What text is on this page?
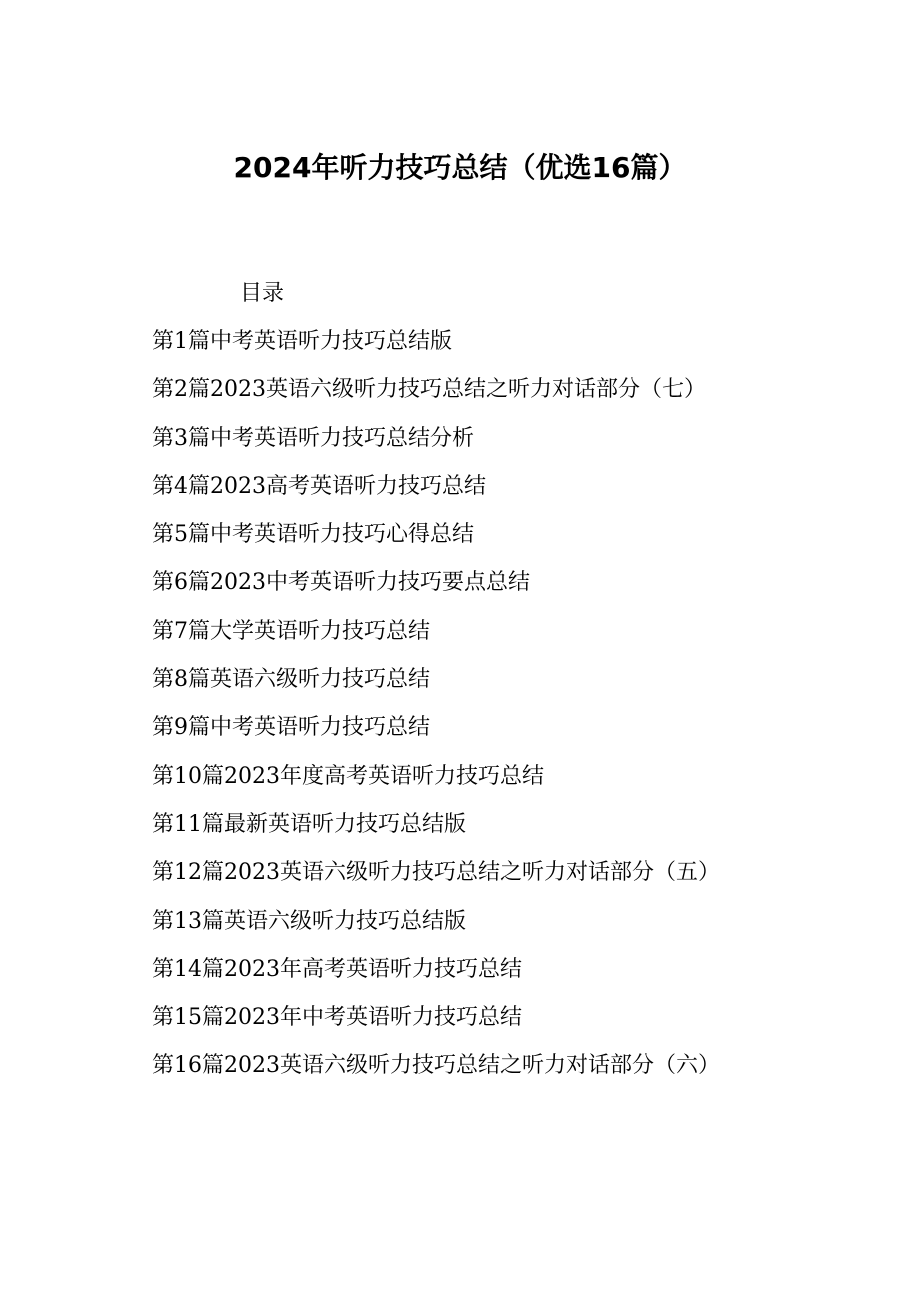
2024年听力技巧总结（优选16篇）
目录
第1篇中考英语听力技巧总结版
第2篇2023英语六级听力技巧总结之听力对话部分（七）
第3篇中考英语听力技巧总结分析
第4篇2023高考英语听力技巧总结
第5篇中考英语听力技巧心得总结
第6篇2023中考英语听力技巧要点总结
第7篇大学英语听力技巧总结
第8篇英语六级听力技巧总结
第9篇中考英语听力技巧总结
第10篇2023年度高考英语听力技巧总结
第11篇最新英语听力技巧总结版
第12篇2023英语六级听力技巧总结之听力对话部分（五）
第13篇英语六级听力技巧总结版
第14篇2023年高考英语听力技巧总结
第15篇2023年中考英语听力技巧总结
第16篇2023英语六级听力技巧总结之听力对话部分（六）
